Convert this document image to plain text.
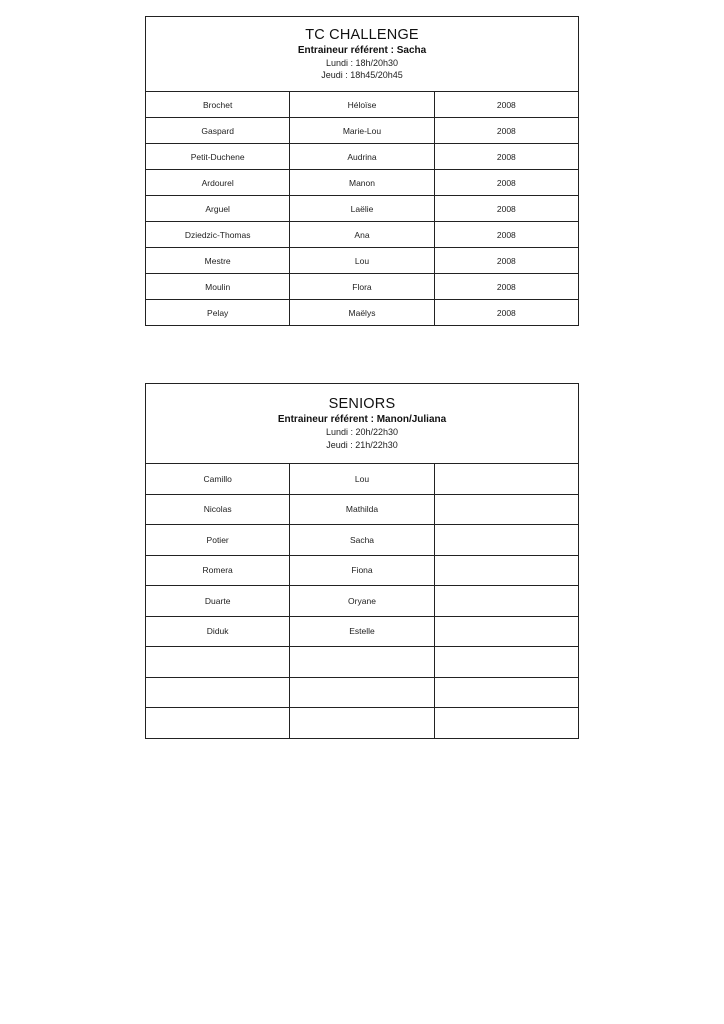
TC CHALLENGE
Entraineur référent : Sacha
Lundi : 18h/20h30
Jeudi : 18h45/20h45		

Brochet	Héloïse	2008
Gaspard	Marie-Lou	2008
Petit-Duchene	Audrina	2008
Ardourel	Manon	2008
Arguel	Laëlie	2008
Dziedzic-Thomas	Ana	2008
Mestre	Lou	2008
Moulin	Flora	2008
Pelay	Maëlys	2008
SENIORS
Entraineur référent : Manon/Juliana
Lundi : 20h/22h30
Jeudi : 21h/22h30		

Camillo	Lou	
Nicolas	Mathilda	
Potier	Sacha	
Romera	Fiona	
Duarte	Oryane	
Diduk	Estelle	
